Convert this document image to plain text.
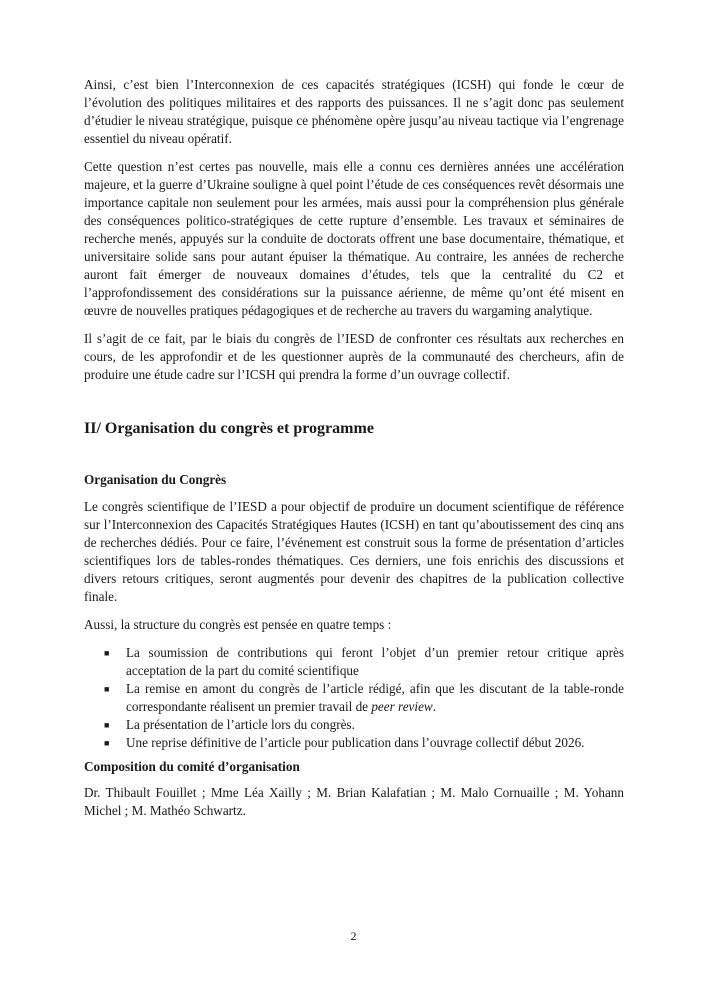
Ainsi, c’est bien l’Interconnexion de ces capacités stratégiques (ICSH) qui fonde le cœur de l’évolution des politiques militaires et des rapports des puissances. Il ne s’agit donc pas seulement d’étudier le niveau stratégique, puisque ce phénomène opère jusqu’au niveau tactique via l’engrenage essentiel du niveau opératif.

Cette question n’est certes pas nouvelle, mais elle a connu ces dernières années une accélération majeure, et la guerre d’Ukraine souligne à quel point l’étude de ces conséquences revêt désormais une importance capitale non seulement pour les armées, mais aussi pour la compréhension plus générale des conséquences politico-stratégiques de cette rupture d’ensemble. Les travaux et séminaires de recherche menés, appuyés sur la conduite de doctorats offrent une base documentaire, thématique, et universitaire solide sans pour autant épuiser la thématique. Au contraire, les années de recherche auront fait émerger de nouveaux domaines d’études, tels que la centralité du C2 et l’approfondissement des considérations sur la puissance aérienne, de même qu’ont été misent en œuvre de nouvelles pratiques pédagogiques et de recherche au travers du wargaming analytique.

Il s’agit de ce fait, par le biais du congrès de l’IESD de confronter ces résultats aux recherches en cours, de les approfondir et de les questionner auprès de la communauté des chercheurs, afin de produire une étude cadre sur l’ICSH qui prendra la forme d’un ouvrage collectif.

II/ Organisation du congrès et programme
Organisation du Congrès

Le congrès scientifique de l’IESD a pour objectif de produire un document scientifique de référence sur l’Interconnexion des Capacités Stratégiques Hautes (ICSH) en tant qu’aboutissement des cinq ans de recherches dédiés. Pour ce faire, l’événement est construit sous la forme de présentation d’articles scientifiques lors de tables-rondes thématiques. Ces derniers, une fois enrichis des discussions et divers retours critiques, seront augmentés pour devenir des chapitres de la publication collective finale.

Aussi, la structure du congrès est pensée en quatre temps :

■ La soumission de contributions qui feront l’objet d’un premier retour critique après acceptation de la part du comité scientifique
■ La remise en amont du congrès de l’article rédigé, afin que les discutant de la table-ronde correspondante réalisent un premier travail de peer review.
■ La présentation de l’article lors du congrès.
■ Une reprise définitive de l’article pour publication dans l’ouvrage collectif début 2026.
Composition du comité d’organisation

Dr. Thibault Fouillet ; Mme Léa Xailly ; M. Brian Kalafatian ; M. Malo Cornuaille ; M. Yohann Michel ; M. Mathéo Schwartz.

2
